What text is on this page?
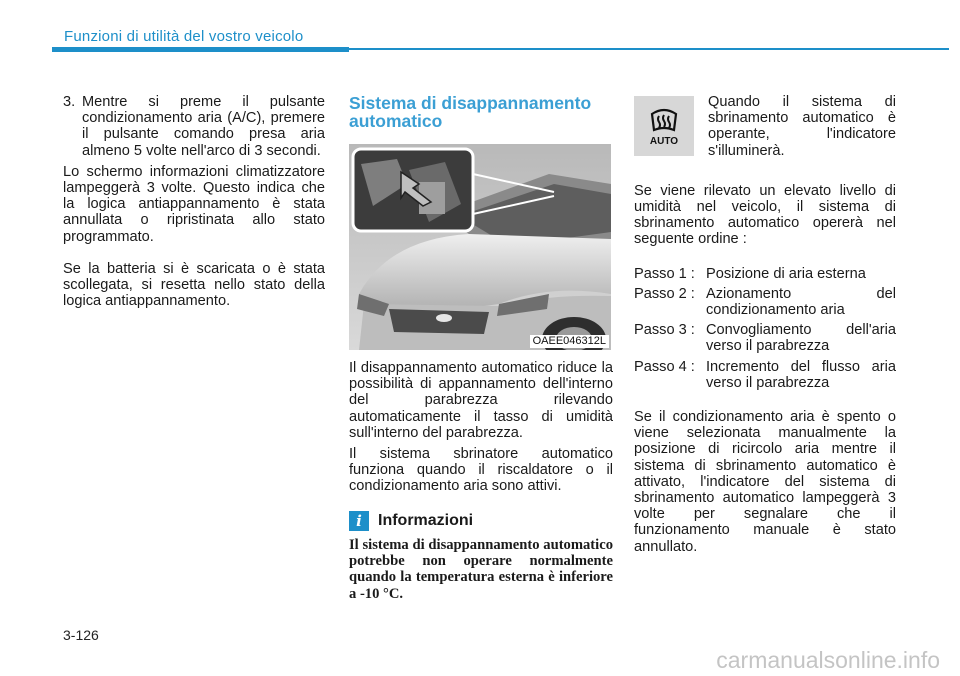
Funzioni di utilità del vostro veicolo
3. Mentre si preme il pulsante condizionamento aria (A/C), premere il pulsante comando presa aria almeno 5 volte nell'arco di 3 secondi.

Lo schermo informazioni climatizzatore lampeggerà 3 volte. Questo indica che la logica antiappannamento è stata annullata o ripristinata allo stato programmato.

Se la batteria si è scaricata o è stata scollegata, si resetta nello stato della logica antiappannamento.

Sistema di disappannamento automatico
OAEE046312L

Il disappannamento automatico riduce la possibilità di appannamento dell'interno del parabrezza rilevando automaticamente il tasso di umidità sull'interno del parabrezza.

Il sistema sbrinatore automatico funziona quando il riscaldatore o il condizionamento aria sono attivi.

i	Informazioni

Il sistema di disappannamento automatico potrebbe non operare normalmente quando la temperatura esterna è inferiore a -10 °C.

AUTO

Quando il sistema di sbrinamento automatico è operante, l'indicatore s'illuminerà.

Se viene rilevato un elevato livello di umidità nel veicolo, il sistema di sbrinamento automatico opererà nel seguente ordine :

Passo 1 : Posizione di aria esterna
Passo 2 : Azionamento del condizionamento aria
Passo 3 : Convogliamento dell'aria verso il parabrezza
Passo 4 : Incremento del flusso aria verso il parabrezza

Se il condizionamento aria è spento o viene selezionata manualmente la posizione di ricircolo aria mentre il sistema di sbrinamento automatico è attivato, l'indicatore del sistema di sbrinamento automatico lampeggerà 3 volte per segnalare che il funzionamento manuale è stato annullato.

3-126
carmanualsonline.info
